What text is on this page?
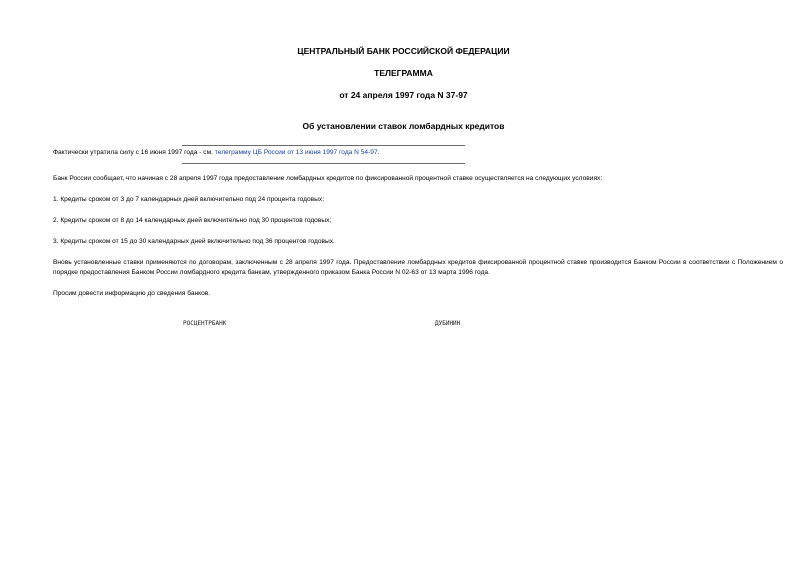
ЦЕНТРАЛЬНЫЙ БАНК РОССИЙСКОЙ ФЕДЕРАЦИИ
ТЕЛЕГРАММА
от 24 апреля 1997 года N 37-97
Об установлении ставок ломбардных кредитов
Фактически утратила силу с 16 июня 1997 года - см. телеграмму ЦБ России от 13 июня 1997 года N 54-97.
Банк России сообщает, что начиная с 28 апреля 1997 года предоставление ломбардных кредитов по фиксированной процентной ставке осуществляется на следующих условиях:
1. Кредиты сроком от 3 до 7 календарных дней включительно под 24 процента годовых;
2. Кредиты сроком от 8 до 14 календарных дней включительно под 30 процентов годовых;
3. Кредиты сроком от 15 до 30 календарных дней включительно под 36 процентов годовых.
Вновь установленные ставки применяются по договорам, заключенным с 28 апреля 1997 года. Предоставление ломбардных кредитов фиксированной процентной ставке производится Банком России в соответствии с Положением о порядке предоставления Банком России ломбардного кредита банкам, утвержденного приказом Банка России N 02-63 от 13 марта 1996 года.
Просим довести информацию до сведения банков.
РОСЦЕНТРБАНК	ДУБИНИН
